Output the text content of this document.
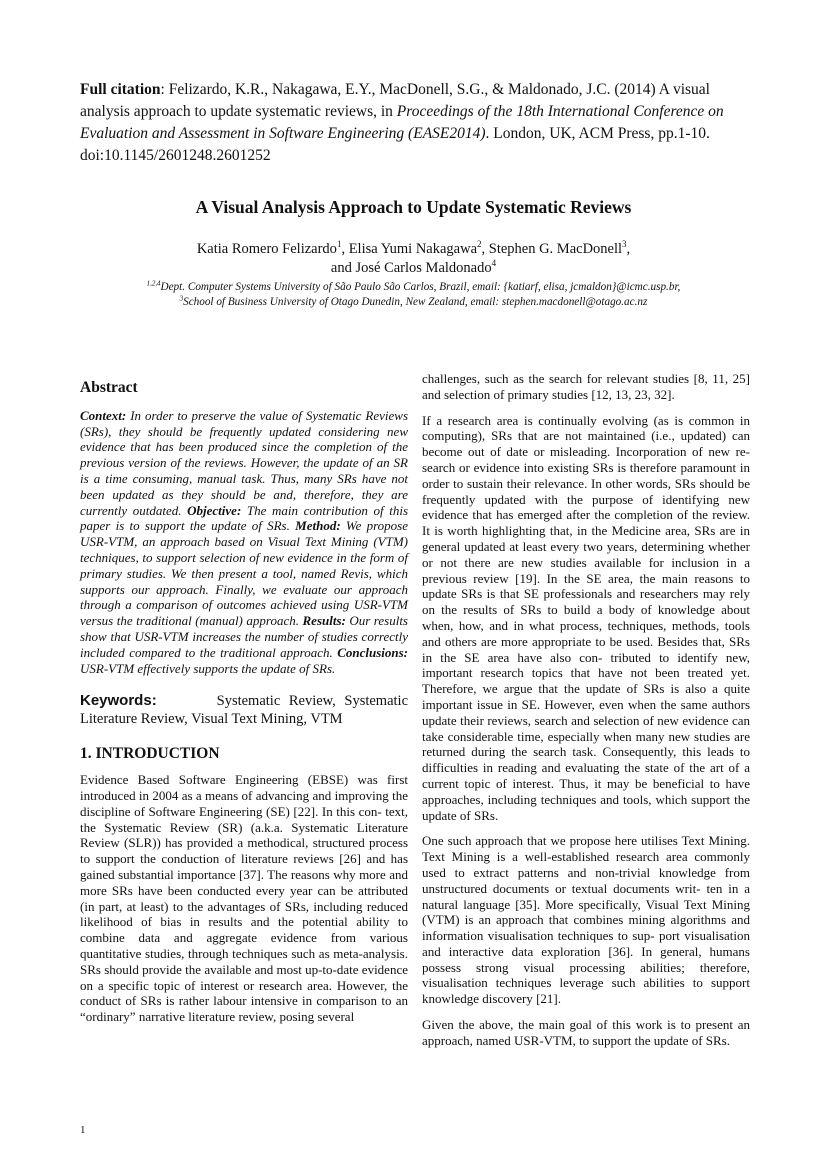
Full citation: Felizardo, K.R., Nakagawa, E.Y., MacDonell, S.G., & Maldonado, J.C. (2014) A visual analysis approach to update systematic reviews, in Proceedings of the 18th International Conference on Evaluation and Assessment in Software Engineering (EASE2014). London, UK, ACM Press, pp.1-10. doi:10.1145/2601248.2601252
A Visual Analysis Approach to Update Systematic Reviews
Katia Romero Felizardo$^1$, Elisa Yumi Nakagawa$^2$, Stephen G. MacDonell$^3$,
and José Carlos Maldonado$^4$
$^{1,2,4}$Dept. Computer Systems University of São Paulo São Carlos, Brazil, email: {katiarf, elisa, jcmaldon}@icmc.usp.br,
$^3$School of Business University of Otago Dunedin, New Zealand, email: stephen.macdonell@otago.ac.nz
Abstract

Context: In order to preserve the value of Systematic Reviews (SRs), they should be frequently updated considering new evidence that has been produced since the completion of the previous version of the reviews. However, the update of an SR is a time consuming, manual task. Thus, many SRs have not been updated as they should be and, therefore, they are currently outdated. Objective: The main contribution of this paper is to support the update of SRs. Method: We propose USR-VTM, an approach based on Visual Text Mining (VTM) techniques, to support selection of new evidence in the form of primary studies. We then present a tool, named Revis, which supports our approach. Finally, we evaluate our approach through a comparison of outcomes achieved using USR-VTM versus the traditional (manual) approach. Results: Our results show that USR-VTM increases the number of studies correctly included compared to the traditional approach. Conclusions: USR-VTM effectively supports the update of SRs.

Keywords:	Systematic Review, Systematic Literature Review, Visual Text Mining, VTM

1. INTRODUCTION

Evidence Based Software Engineering (EBSE) was first introduced in 2004 as a means of advancing and improving the discipline of Software Engineering (SE) [22]. In this con- text, the Systematic Review (SR) (a.k.a. Systematic Literature Review (SLR)) has provided a methodical, structured process to support the conduction of literature reviews [26] and has gained substantial importance [37]. The reasons why more and more SRs have been conducted every year can be attributed (in part, at least) to the advantages of SRs, including reduced likelihood of bias in results and the potential ability to combine data and aggregate evidence from various quantitative studies, through techniques such as meta-analysis. SRs should provide the available and most up-to-date evidence on a specific topic of interest or research area. However, the conduct of SRs is rather labour intensive in comparison to an “ordinary” narrative literature review, posing several

challenges, such as the search for relevant studies [8, 11, 25] and selection of primary studies [12, 13, 23, 32].

If a research area is continually evolving (as is common in computing), SRs that are not maintained (i.e., updated) can become out of date or misleading. Incorporation of new re- search or evidence into existing SRs is therefore paramount in order to sustain their relevance. In other words, SRs should be frequently updated with the purpose of identifying new evidence that has emerged after the completion of the review. It is worth highlighting that, in the Medicine area, SRs are in general updated at least every two years, determining whether or not there are new studies available for inclusion in a previous review [19]. In the SE area, the main reasons to update SRs is that SE professionals and researchers may rely on the results of SRs to build a body of knowledge about when, how, and in what process, techniques, methods, tools and others are more appropriate to be used. Besides that, SRs in the SE area have also con- tributed to identify new, important research topics that have not been treated yet. Therefore, we argue that the update of SRs is also a quite important issue in SE. However, even when the same authors update their reviews, search and selection of new evidence can take considerable time, especially when many new studies are returned during the search task. Consequently, this leads to difficulties in reading and evaluating the state of the art of a current topic of interest. Thus, it may be beneficial to have approaches, including techniques and tools, which support the update of SRs.

One such approach that we propose here utilises Text Mining. Text Mining is a well-established research area commonly used to extract patterns and non-trivial knowledge from unstructured documents or textual documents writ- ten in a natural language [35]. More specifically, Visual Text Mining (VTM) is an approach that combines mining algorithms and information visualisation techniques to sup- port visualisation and interactive data exploration [36]. In general, humans possess strong visual processing abilities; therefore, visualisation techniques leverage such abilities to support knowledge discovery [21].

Given the above, the main goal of this work is to present an approach, named USR-VTM, to support the update of SRs.

1
